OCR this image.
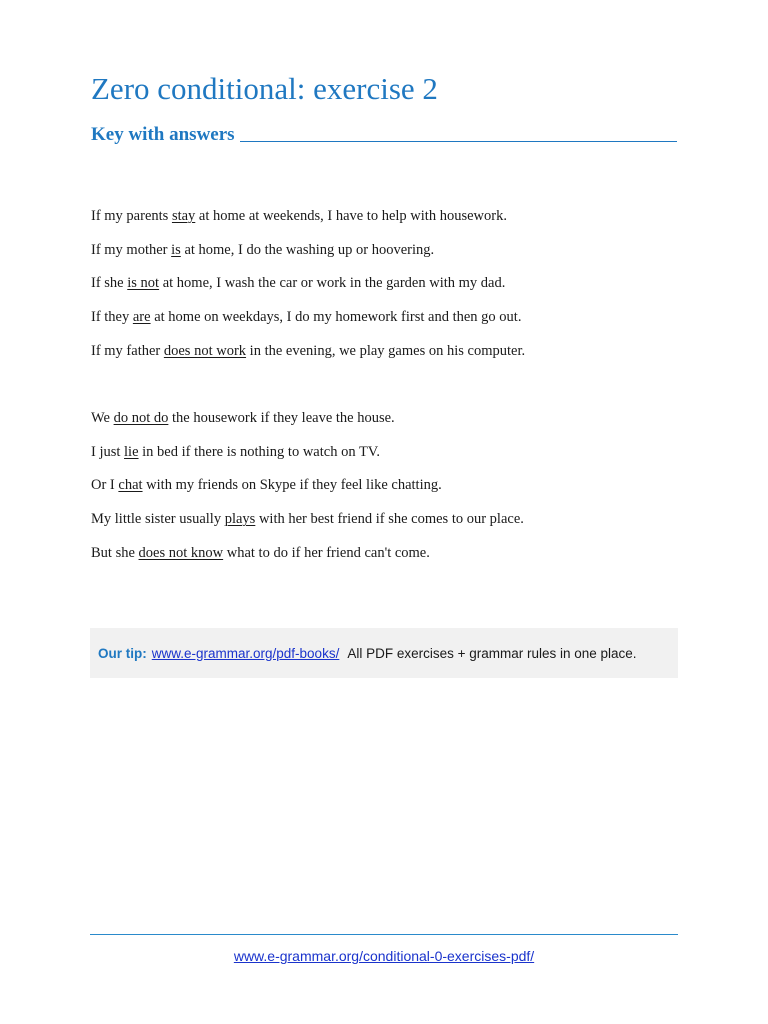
Zero conditional: exercise 2
Key with answers
If my parents stay at home at weekends, I have to help with housework.
If my mother is at home, I do the washing up or hoovering.
If she is not at home, I wash the car or work in the garden with my dad.
If they are at home on weekdays, I do my homework first and then go out.
If my father does not work in the evening, we play games on his computer.
We do not do the housework if they leave the house.
I just lie in bed if there is nothing to watch on TV.
Or I chat with my friends on Skype if they feel like chatting.
My little sister usually plays with her best friend if she comes to our place.
But she does not know what to do if her friend can't come.
Our tip: www.e-grammar.org/pdf-books/ All PDF exercises + grammar rules in one place.
www.e-grammar.org/conditional-0-exercises-pdf/
